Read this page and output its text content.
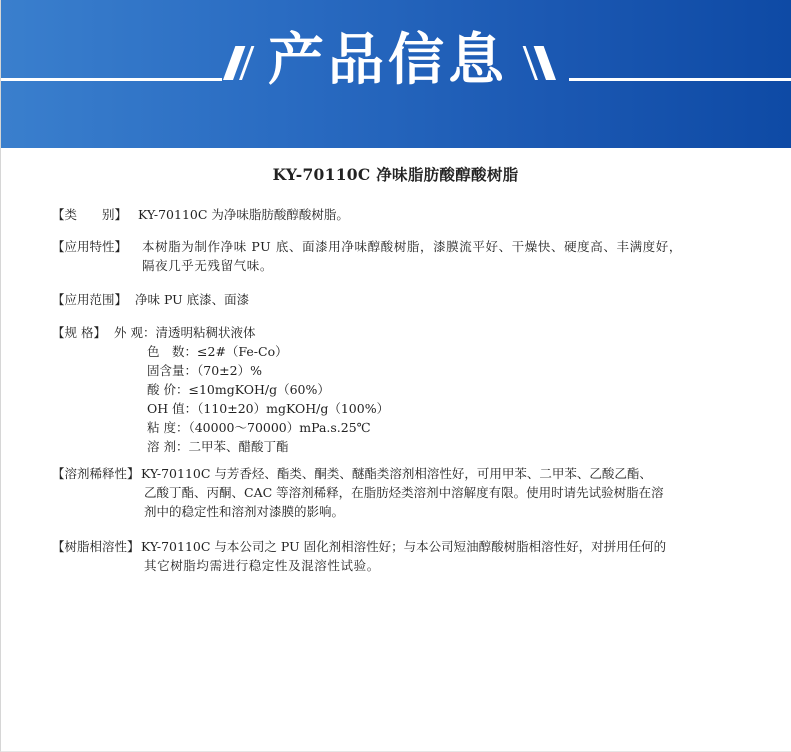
产品信息
KY-70110C 净味脂肪酸醇酸树脂
【类　　别】 KY-70110C 为净味脂肪酸醇酸树脂。
【应用特性】 本树脂为制作净味 PU 底、面漆用净味醇酸树脂，漆膜流平好、干燥快、硬度高、丰满度好，
隔夜几乎无残留气味。
【应用范围】 净味 PU 底漆、面漆
【规 格】 外 观：清透明粘稠状液体
色　数：≤2#（Fe-Co）
固含量：（70±2）%
酸 价：≤10mgKOH/g（60%）
OH 值：（110±20）mgKOH/g（100%）
粘 度：（40000～70000）mPa.s.25℃
溶 剂：二甲苯、醋酸丁酯
【溶剂稀释性】 KY-70110C 与芳香烃、酯类、酮类、醚酯类溶剂相溶性好，可用甲苯、二甲苯、乙酸乙酯、
乙酸丁酯、丙酮、CAC 等溶剂稀释，在脂肪烃类溶剂中溶解度有限。使用时请先试验树脂在溶
剂中的稳定性和溶剂对漆膜的影响。
【树脂相溶性】 KY-70110C 与本公司之 PU 固化剂相溶性好；与本公司短油醇酸树脂相溶性好，对拼用任何的
其它树脂均需进行稳定性及混溶性试验。
